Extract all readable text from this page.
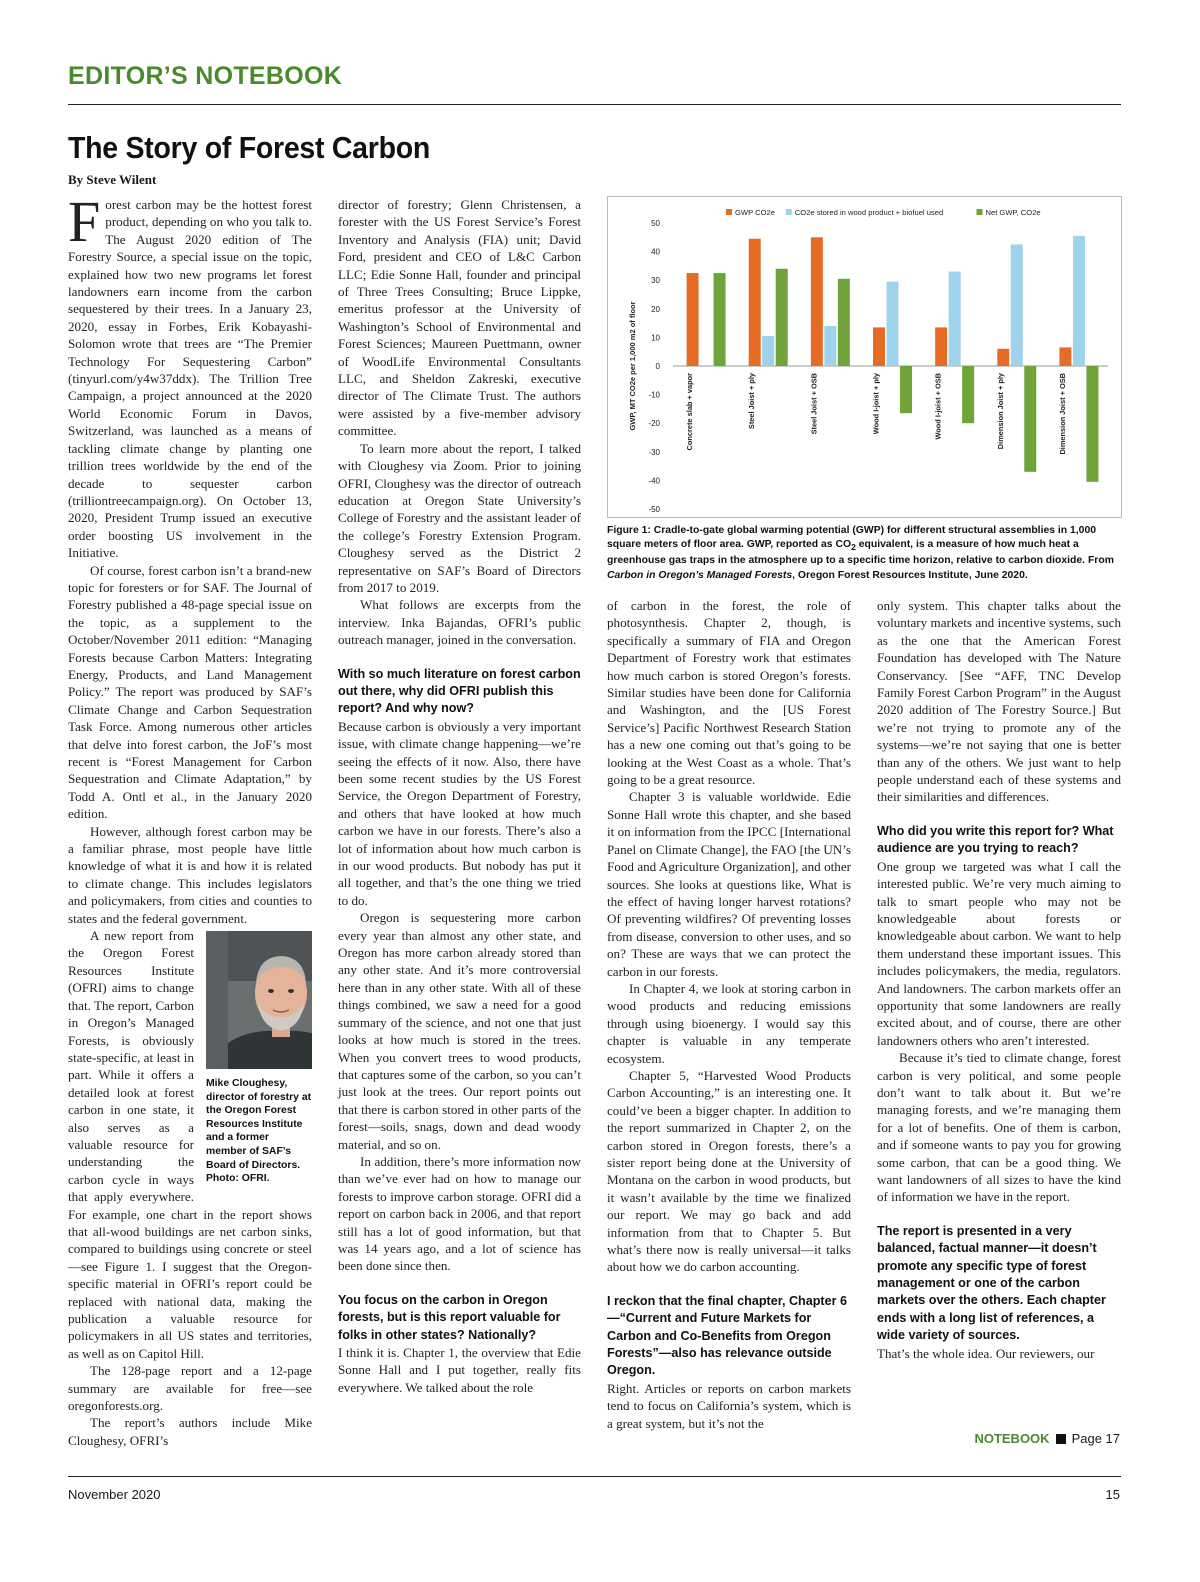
EDITOR’S NOTEBOOK
The Story of Forest Carbon
By Steve Wilent

Forest carbon may be the hottest forest product, depending on who you talk to. The August 2020 edition of The Forestry Source, a special issue on the topic, explained how two new programs let forest landowners earn income from the carbon sequestered by their trees. In a January 23, 2020, essay in Forbes, Erik Kobayashi-Solomon wrote that trees are “The Premier Technology For Sequestering Carbon” (tinyurl.com/y4w37ddx). The Trillion Tree Campaign, a project announced at the 2020 World Economic Forum in Davos, Switzerland, was launched as a means of tackling climate change by planting one trillion trees worldwide by the end of the decade to sequester carbon (trilliontreecampaign.org). On October 13, 2020, President Trump issued an executive order boosting US involvement in the Initiative.

Of course, forest carbon isn’t a brand-new topic for foresters or for SAF. The Journal of Forestry published a 48-page special issue on the topic, as a supplement to the October/November 2011 edition: “Managing Forests because Carbon Matters: Integrating Energy, Products, and Land Management Policy.” The report was produced by SAF’s Climate Change and Carbon Sequestration Task Force. Among numerous other articles that delve into forest carbon, the JoF’s most recent is “Forest Management for Carbon Sequestration and Climate Adaptation,” by Todd A. Ontl et al., in the January 2020 edition.

However, although forest carbon may be a familiar phrase, most people have little knowledge of what it is and how it is related to climate change. This includes legislators and policymakers, from cities and counties to states and the federal government.

Mike Cloughesy, director of forestry at the Oregon Forest Resources Institute and a former member of SAF’s Board of Directors. Photo: OFRI.
A new report from the Oregon Forest Resources Institute (OFRI) aims to change that. The report, Carbon in Oregon’s Managed Forests, is obviously state-specific, at least in part. While it offers a detailed look at forest carbon in one state, it also serves as a valuable resource for understanding the carbon cycle in ways that apply everywhere. For example, one chart in the report shows that all-wood buildings are net carbon sinks, compared to buildings using concrete or steel—see Figure 1. I suggest that the Oregon-specific material in OFRI’s report could be replaced with national data, making the publication a valuable resource for policymakers in all US states and territories, as well as on Capitol Hill.

The 128-page report and a 12-page summary are available for free—see oregonforests.org.

The report’s authors include Mike Cloughesy, OFRI’s

director of forestry; Glenn Christensen, a forester with the US Forest Service’s Forest Inventory and Analysis (FIA) unit; David Ford, president and CEO of L&C Carbon LLC; Edie Sonne Hall, founder and principal of Three Trees Consulting; Bruce Lippke, emeritus professor at the University of Washington’s School of Environmental and Forest Sciences; Maureen Puettmann, owner of WoodLife Environmental Consultants LLC, and Sheldon Zakreski, executive director of The Climate Trust. The authors were assisted by a five-member advisory committee.

To learn more about the report, I talked with Cloughesy via Zoom. Prior to joining OFRI, Cloughesy was the director of outreach education at Oregon State University’s College of Forestry and the assistant leader of the college’s Forestry Extension Program. Cloughesy served as the District 2 representative on SAF’s Board of Directors from 2017 to 2019.

What follows are excerpts from the interview. Inka Bajandas, OFRI’s public outreach manager, joined in the conversation.

With so much literature on forest carbon out there, why did OFRI publish this report? And why now?

Because carbon is obviously a very important issue, with climate change happening—we’re seeing the effects of it now. Also, there have been some recent studies by the US Forest Service, the Oregon Department of Forestry, and others that have looked at how much carbon we have in our forests. There’s also a lot of information about how much carbon is in our wood products. But nobody has put it all together, and that’s the one thing we tried to do.

Oregon is sequestering more carbon every year than almost any other state, and Oregon has more carbon already stored than any other state. And it’s more controversial here than in any other state. With all of these things combined, we saw a need for a good summary of the science, and not one that just looks at how much is stored in the trees. When you convert trees to wood products, that captures some of the carbon, so you can’t just look at the trees. Our report points out that there is carbon stored in other parts of the forest—soils, snags, down and dead woody material, and so on.

In addition, there’s more information now than we’ve ever had on how to manage our forests to improve carbon storage. OFRI did a report on carbon back in 2006, and that report still has a lot of good information, but that was 14 years ago, and a lot of science has been done since then.

You focus on the carbon in Oregon forests, but is this report valuable for folks in other states? Nationally?

I think it is. Chapter 1, the overview that Edie Sonne Hall and I put together, really fits everywhere. We talked about the role

-50
-40
-30
-20
-10
0
10
20
30
40
50
GWP, MT CO2e per 1,000 m2 of floor
GWP CO2e	CO2e stored in wood product + biofuel used	Net GWP, CO2e
Concrete slab + vapor	Steel Joist + ply	Steel Joist + OSB	Wood I-joist + ply	Wood I-joist + OSB	Dimension Joist + ply	Dimension Joist + OSB
Figure 1: Cradle-to-gate global warming potential (GWP) for different structural assemblies in 1,000 square meters of floor area. GWP, reported as $CO_2$ equivalent, is a measure of how much heat a greenhouse gas traps in the atmosphere up to a specific time horizon, relative to carbon dioxide. From Carbon in Oregon’s Managed Forests, Oregon Forest Resources Institute, June 2020.

of carbon in the forest, the role of photosynthesis. Chapter 2, though, is specifically a summary of FIA and Oregon Department of Forestry work that estimates how much carbon is stored Oregon’s forests. Similar studies have been done for California and Washington, and the [US Forest Service’s] Pacific Northwest Research Station has a new one coming out that’s going to be looking at the West Coast as a whole. That’s going to be a great resource.

Chapter 3 is valuable worldwide. Edie Sonne Hall wrote this chapter, and she based it on information from the IPCC [International Panel on Climate Change], the FAO [the UN’s Food and Agriculture Organization], and other sources. She looks at questions like, What is the effect of having longer harvest rotations? Of preventing wildfires? Of preventing losses from disease, conversion to other uses, and so on? These are ways that we can protect the carbon in our forests.

In Chapter 4, we look at storing carbon in wood products and reducing emissions through using bioenergy. I would say this chapter is valuable in any temperate ecosystem.

Chapter 5, “Harvested Wood Products Carbon Accounting,” is an interesting one. It could’ve been a bigger chapter. In addition to the report summarized in Chapter 2, on the carbon stored in Oregon forests, there’s a sister report being done at the University of Montana on the carbon in wood products, but it wasn’t available by the time we finalized our report. We may go back and add information from that to Chapter 5. But what’s there now is really universal—it talks about how we do carbon accounting.

I reckon that the final chapter, Chapter 6—“Current and Future Markets for Carbon and Co-Benefits from Oregon Forests”—also has relevance outside Oregon.

Right. Articles or reports on carbon markets tend to focus on California’s system, which is a great system, but it’s not the

only system. This chapter talks about the voluntary markets and incentive systems, such as the one that the American Forest Foundation has developed with The Nature Conservancy. [See “AFF, TNC Develop Family Forest Carbon Program” in the August 2020 addition of The Forestry Source.] But we’re not trying to promote any of the systems—we’re not saying that one is better than any of the others. We just want to help people understand each of these systems and their similarities and differences.

Who did you write this report for? What audience are you trying to reach?

One group we targeted was what I call the interested public. We’re very much aiming to talk to smart people who may not be knowledgeable about forests or knowledgeable about carbon. We want to help them understand these important issues. This includes policymakers, the media, regulators. And landowners. The carbon markets offer an opportunity that some landowners are really excited about, and of course, there are other landowners others who aren’t interested.

Because it’s tied to climate change, forest carbon is very political, and some people don’t want to talk about it. But we’re managing forests, and we’re managing them for a lot of benefits. One of them is carbon, and if someone wants to pay you for growing some carbon, that can be a good thing. We want landowners of all sizes to have the kind of information we have in the report.

The report is presented in a very balanced, factual manner—it doesn’t promote any specific type of forest management or one of the carbon markets over the others. Each chapter ends with a long list of references, a wide variety of sources.

That’s the whole idea. Our reviewers, our

NOTEBOOK Page 17
November 2020	15
